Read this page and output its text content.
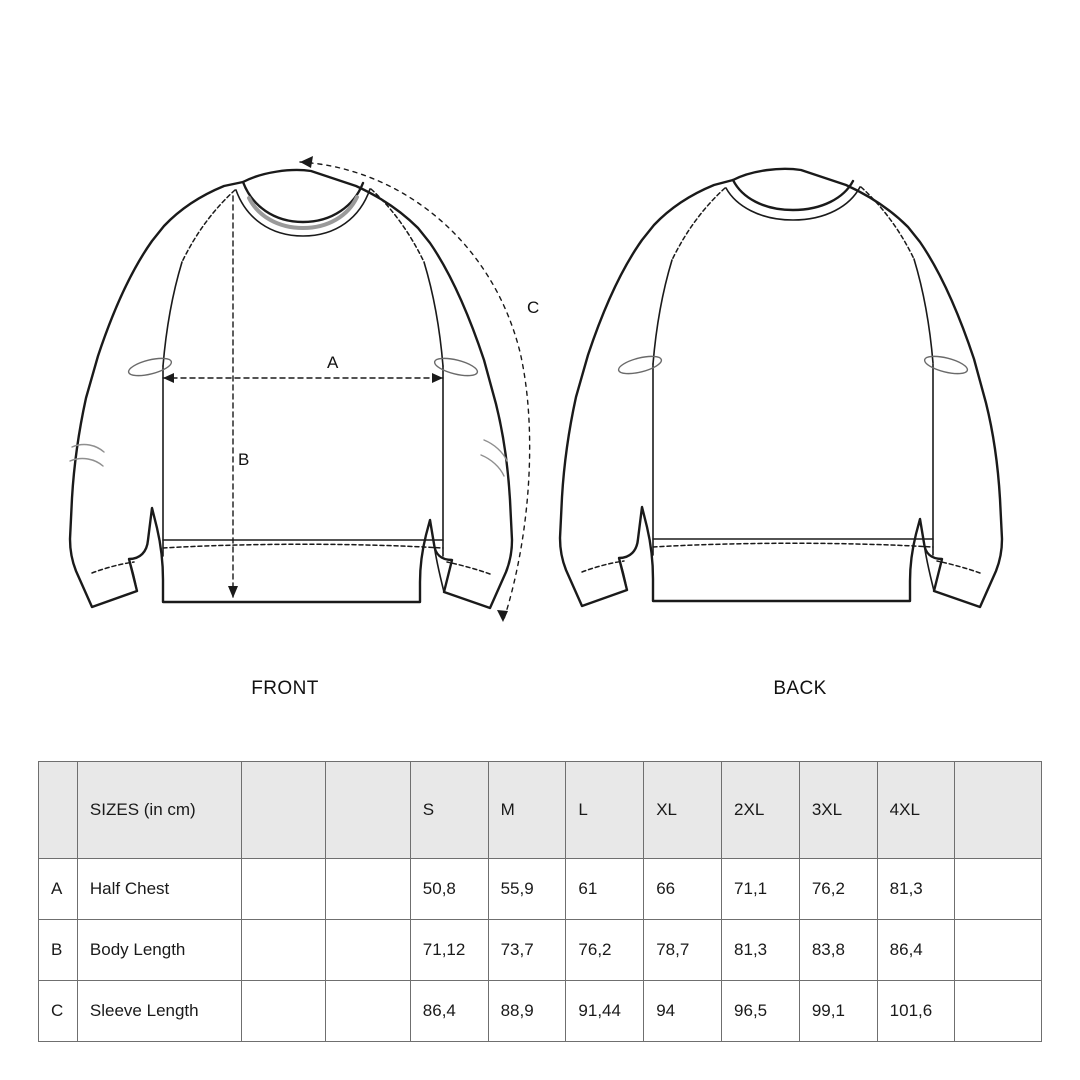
A
B
C
FRONT	BACK
	SIZES (in cm)			S	M	L	XL	2XL	3XL	4XL	
A	Half Chest			50,8	55,9	61	66	71,1	76,2	81,3	
B	Body Length			71,12	73,7	76,2	78,7	81,3	83,8	86,4	
C	Sleeve Length			86,4	88,9	91,44	94	96,5	99,1	101,6	
